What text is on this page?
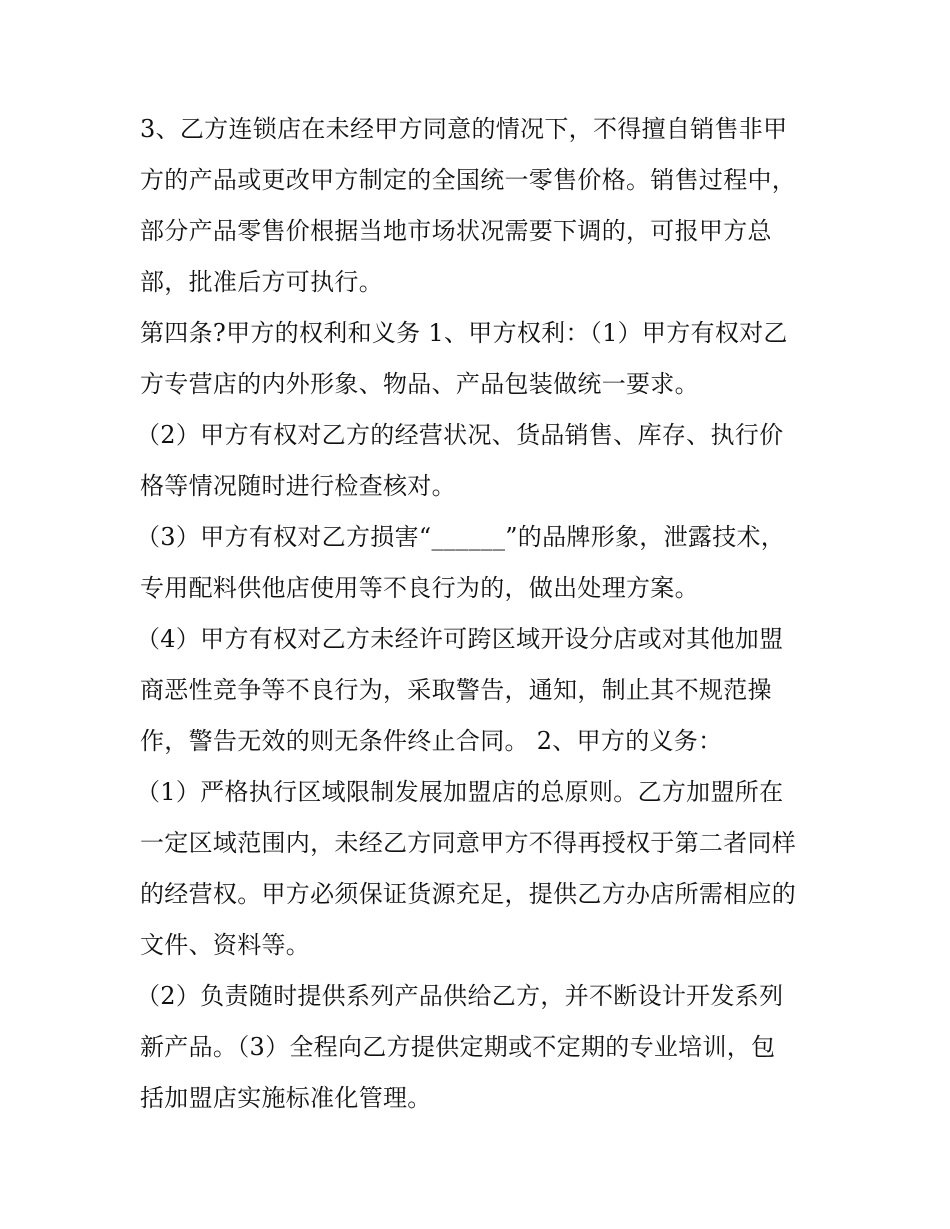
3、乙方连锁店在未经甲方同意的情况下，不得擅自销售非甲
方的产品或更改甲方制定的全国统一零售价格。销售过程中，
部分产品零售价根据当地市场状况需要下调的，可报甲方总
部，批准后方可执行。
第四条?甲方的权利和义务 1、甲方权利：（1）甲方有权对乙
方专营店的内外形象、物品、产品包装做统一要求。
（2）甲方有权对乙方的经营状况、货品销售、库存、执行价
格等情况随时进行检查核对。
（3）甲方有权对乙方损害“______”的品牌形象，泄露技术，
专用配料供他店使用等不良行为的，做出处理方案。
（4）甲方有权对乙方未经许可跨区域开设分店或对其他加盟
商恶性竞争等不良行为，采取警告，通知，制止其不规范操
作，警告无效的则无条件终止合同。 2、甲方的义务：
（1）严格执行区域限制发展加盟店的总原则。乙方加盟所在
一定区域范围内，未经乙方同意甲方不得再授权于第二者同样
的经营权。甲方必须保证货源充足，提供乙方办店所需相应的
文件、资料等。
（2）负责随时提供系列产品供给乙方，并不断设计开发系列
新产品。（3）全程向乙方提供定期或不定期的专业培训，包
括加盟店实施标准化管理。
